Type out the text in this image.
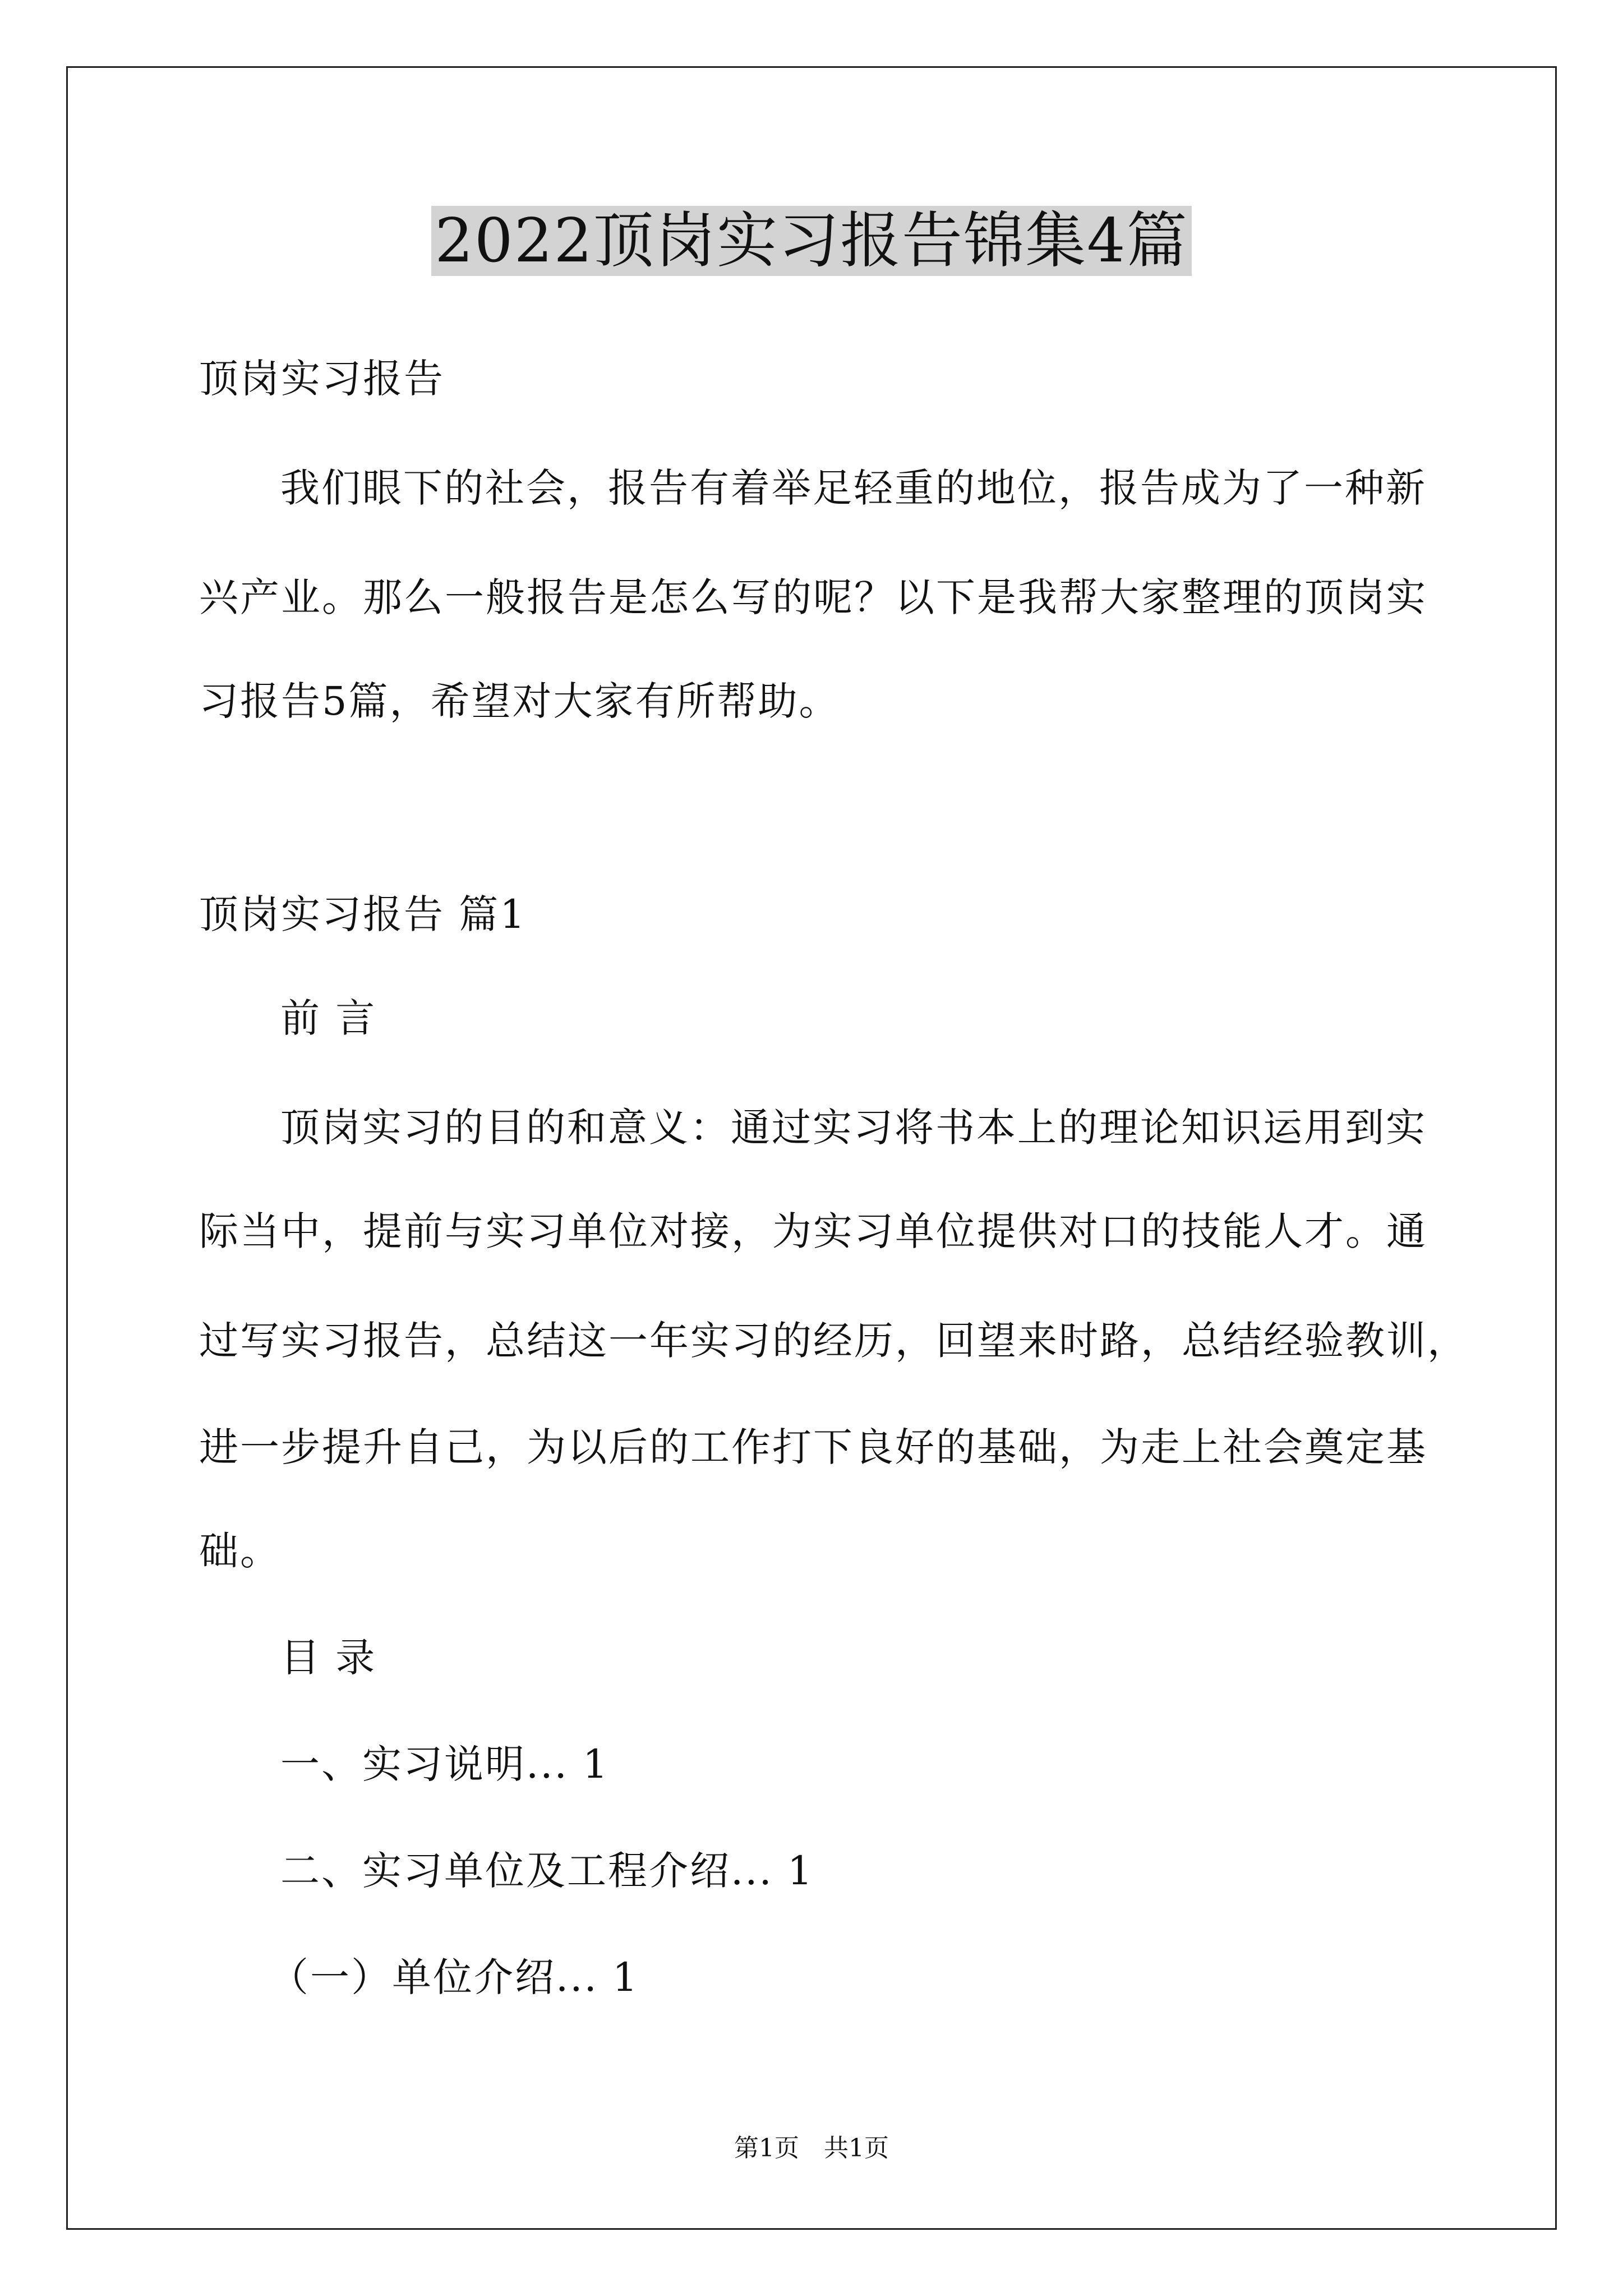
2022顶岗实习报告锦集4篇
顶岗实习报告
我们眼下的社会，报告有着举足轻重的地位，报告成为了一种新
兴产业。那么一般报告是怎么写的呢？以下是我帮大家整理的顶岗实
习报告5篇，希望对大家有所帮助。
顶岗实习报告 篇1
前 言
顶岗实习的目的和意义：通过实习将书本上的理论知识运用到实
际当中，提前与实习单位对接，为实习单位提供对口的技能人才。通
过写实习报告，总结这一年实习的经历，回望来时路，总结经验教训，
进一步提升自己，为以后的工作打下良好的基础，为走上社会奠定基
础。
目 录
一、实习说明... 1
二、实习单位及工程介绍... 1
（一）单位介绍... 1
第1页 共1页
